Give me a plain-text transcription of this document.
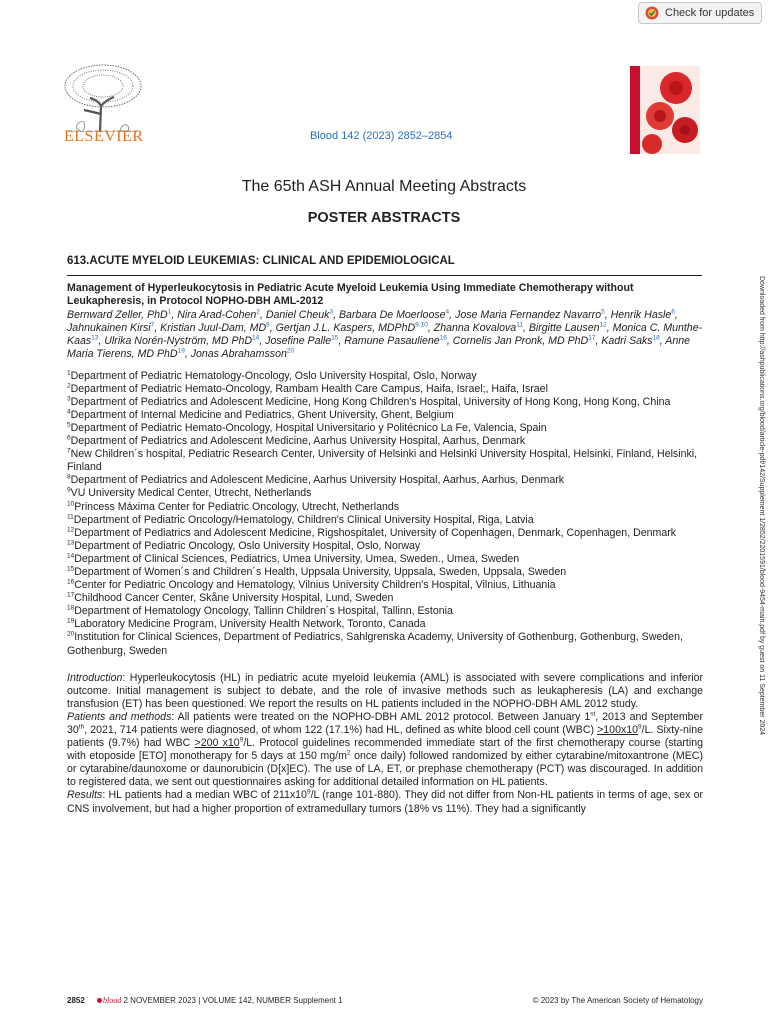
Check for updates
ELSEVIER	Blood 142 (2023) 2852–2854
Downloaded from http://ashpublications.org/blood/article-pdf/142/Supplement 1/2852/2201591/blood-9454-main.pdf by guest on 11 September 2024
The 65th ASH Annual Meeting Abstracts
POSTER ABSTRACTS
613.ACUTE MYELOID LEUKEMIAS: CLINICAL AND EPIDEMIOLOGICAL

Management of Hyperleukocytosis in Pediatric Acute Myeloid Leukemia Using Immediate Chemotherapy without Leukapheresis, in Protocol NOPHO-DBH AML-2012

Bernward Zeller, PhD$^1$, Nira Arad-Cohen$^2$, Daniel Cheuk$^3$, Barbara De Moerloose$^4$, Jose Maria Fernandez Navarro$^5$, Henrik Hasle$^6$, Jahnukainen Kirsi$^7$, Kristian Juul-Dam, $MD^8$, Gertjan J.L. Kaspers, MDPhD$^{9,10}$, Zhanna Kovalova$^{11}$, Birgitte Lausen$^{12}$, Monica C. Munthe-Kaas$^{13}$, Ulrika Norén-Nyström, MD PhD$^{14}$, Josefine Palle$^{15}$, Ramune Pasauliene$^{16}$, Cornelis Jan Pronk, MD PhD$^{17}$, Kadri Saks$^{18}$, Anne Maria Tierens, MD PhD$^{19}$, Jonas Abrahamsson$^{20}$

$^1$Department of Pediatric Hematology-Oncology, Oslo University Hospital, Oslo, Norway

$^2$Department of Pediatric Hemato-Oncology, Rambam Health Care Campus, Haifa, Israel;, Haifa, Israel

$^3$Department of Pediatrics and Adolescent Medicine, Hong Kong Children's Hospital, University of Hong Kong, Hong Kong, China

$^4$Department of Internal Medicine and Pediatrics, Ghent University, Ghent, Belgium

$^5$Department of Pediatric Hemato-Oncology, Hospital Universitario y Politécnico La Fe, Valencia, Spain

$^6$Department of Pediatrics and Adolescent Medicine, Aarhus University Hospital, Aarhus, Denmark

$^7$New Children´s hospital, Pediatric Research Center, University of Helsinki and Helsinki University Hospital, Helsinki, Finland, Helsinki, Finland

$^8$Department of Pediatrics and Adolescent Medicine, Aarhus University Hospital, Aarhus, Aarhus, Denmark

$^9$VU University Medical Center, Utrecht, Netherlands

$^{10}$Princess Máxima Center for Pediatric Oncology, Utrecht, Netherlands

$^{11}$Department of Pediatric Oncology/Hematology, Children's Clinical University Hospital, Riga, Latvia

$^{12}$Department of Pediatrics and Adolescent Medicine, Rigshospitalet, University of Copenhagen, Denmark, Copenhagen, Denmark

$^{13}$Department of Pediatric Oncology, Oslo University Hospital, Oslo, Norway

$^{14}$Department of Clinical Sciences, Pediatrics, Umea University, Umea, Sweden., Umea, Sweden

$^{15}$Department of Women´s and Children´s Health, Uppsala University, Uppsala, Sweden, Uppsala, Sweden

$^{16}$Center for Pediatric Oncology and Hematology, Vilnius University Children's Hospital, Vilnius, Lithuania

$^{17}$Childhood Cancer Center, Skåne University Hospital, Lund, Sweden

$^{18}$Department of Hematology Oncology, Tallinn Children´s Hospital, Tallinn, Estonia

$^{19}$Laboratory Medicine Program, University Health Network, Toronto, Canada

$^{20}$Institution for Clinical Sciences, Department of Pediatrics, Sahlgrenska Academy, University of Gothenburg, Gothenburg, Sweden, Gothenburg, Sweden

Introduction: Hyperleukocytosis (HL) in pediatric acute myeloid leukemia (AML) is associated with severe complications and inferior outcome. Initial management is subject to debate, and the role of invasive methods such as leukapheresis (LA) and exchange transfusion (ET) has been questioned. We report the results on HL patients included in the NOPHO-DBH AML 2012 study.
Patients and methods: All patients were treated on the NOPHO-DBH AML 2012 protocol. Between January 1st, 2013 and September 30th, 2021, 714 patients were diagnosed, of whom 122 (17.1%) had HL, defined as white blood cell count $(WBC) >100x10^9/L$. Sixty-nine patients (9.7%) had WBC >200 $x10^9/L$. Protocol guidelines recommended immediate start of the first chemotherapy course (starting with etoposide [ETO] monotherapy for 5 days at 150 $mg/m^2$ once daily) followed randomized by either cytarabine/mitoxantrone (MEC) or cytarabine/daunoxome or daunorubicin (D[x]EC). The use of LA, ET, or prephase chemotherapy (PCT) was discouraged. In addition to registered data, we sent out questionnaires asking for additional detailed information on HL patients.
Results: HL patients had a median WBC of $211x10^9/L$ (range 101-880). They did not differ from Non-HL patients in terms of age, sex or CNS involvement, but had a higher proportion of extramedullary tumors (18% vs 11%). They had a significantly

2852 blood 2 NOVEMBER 2023 | VOLUME 142, NUMBER Supplement 1	© 2023 by The American Society of Hematology
